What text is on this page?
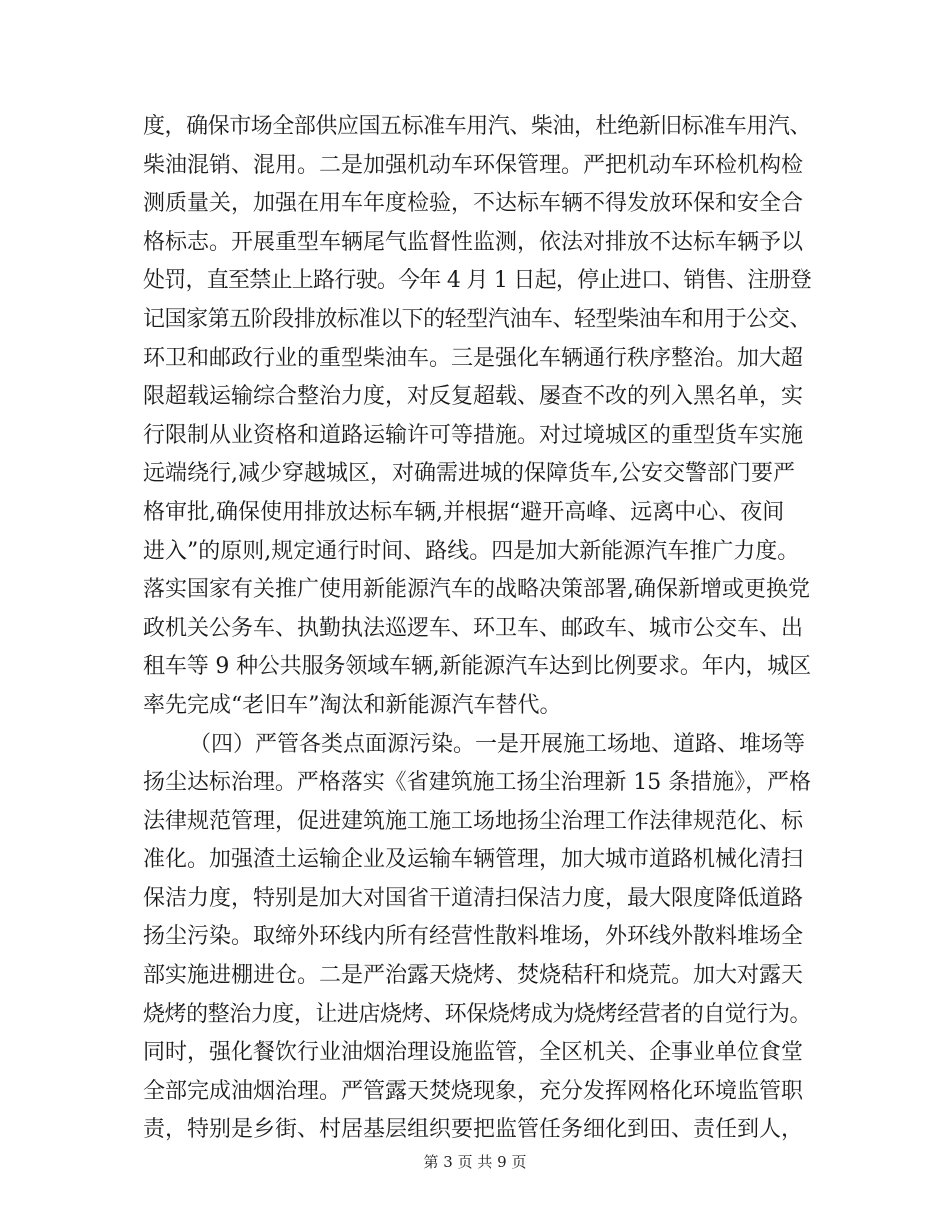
度，确保市场全部供应国五标准车用汽、柴油，杜绝新旧标准车用汽、
柴油混销、混用。二是加强机动车环保管理。严把机动车环检机构检
测质量关，加强在用车年度检验，不达标车辆不得发放环保和安全合
格标志。开展重型车辆尾气监督性监测，依法对排放不达标车辆予以
处罚，直至禁止上路行驶。今年 4 月 1 日起，停止进口、销售、注册登
记国家第五阶段排放标准以下的轻型汽油车、轻型柴油车和用于公交、
环卫和邮政行业的重型柴油车。三是强化车辆通行秩序整治。加大超
限超载运输综合整治力度，对反复超载、屡查不改的列入黑名单，实
行限制从业资格和道路运输许可等措施。对过境城区的重型货车实施
远端绕行,减少穿越城区，对确需进城的保障货车,公安交警部门要严
格审批,确保使用排放达标车辆,并根据“避开高峰、远离中心、夜间
进入”的原则,规定通行时间、路线。四是加大新能源汽车推广力度。
落实国家有关推广使用新能源汽车的战略决策部署,确保新增或更换党
政机关公务车、执勤执法巡逻车、环卫车、邮政车、城市公交车、出
租车等 9 种公共服务领域车辆,新能源汽车达到比例要求。年内，城区
率先完成“老旧车”淘汰和新能源汽车替代。
（四）严管各类点面源污染。一是开展施工场地、道路、堆场等
扬尘达标治理。严格落实《省建筑施工扬尘治理新 15 条措施》，严格
法律规范管理，促进建筑施工施工场地扬尘治理工作法律规范化、标
准化。加强渣土运输企业及运输车辆管理，加大城市道路机械化清扫
保洁力度，特别是加大对国省干道清扫保洁力度，最大限度降低道路
扬尘污染。取缔外环线内所有经营性散料堆场，外环线外散料堆场全
部实施进棚进仓。二是严治露天烧烤、焚烧秸秆和烧荒。加大对露天
烧烤的整治力度，让进店烧烤、环保烧烤成为烧烤经营者的自觉行为。
同时，强化餐饮行业油烟治理设施监管，全区机关、企事业单位食堂
全部完成油烟治理。严管露天焚烧现象，充分发挥网格化环境监管职
责，特别是乡街、村居基层组织要把监管任务细化到田、责任到人，
第 3 页 共 9 页
